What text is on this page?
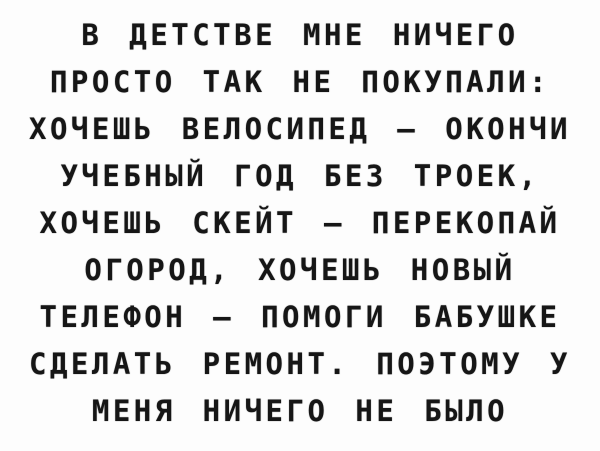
В ДЕТСТВЕ МНЕ НИЧЕГО
ПРОСТО ТАК НЕ ПОКУПАЛИ:
ХОЧЕШЬ ВЕЛОСИПЕД – ОКОНЧИ
УЧЕБНЫЙ ГОД БЕЗ ТРОЕК,
ХОЧЕШЬ СКЕЙТ – ПЕРЕКОПАЙ
ОГОРОД, ХОЧЕШЬ НОВЫЙ
ТЕЛЕФОН – ПОМОГИ БАБУШКЕ
СДЕЛАТЬ РЕМОНТ. ПОЭТОМУ У
МЕНЯ НИЧЕГО НЕ БЫЛО
